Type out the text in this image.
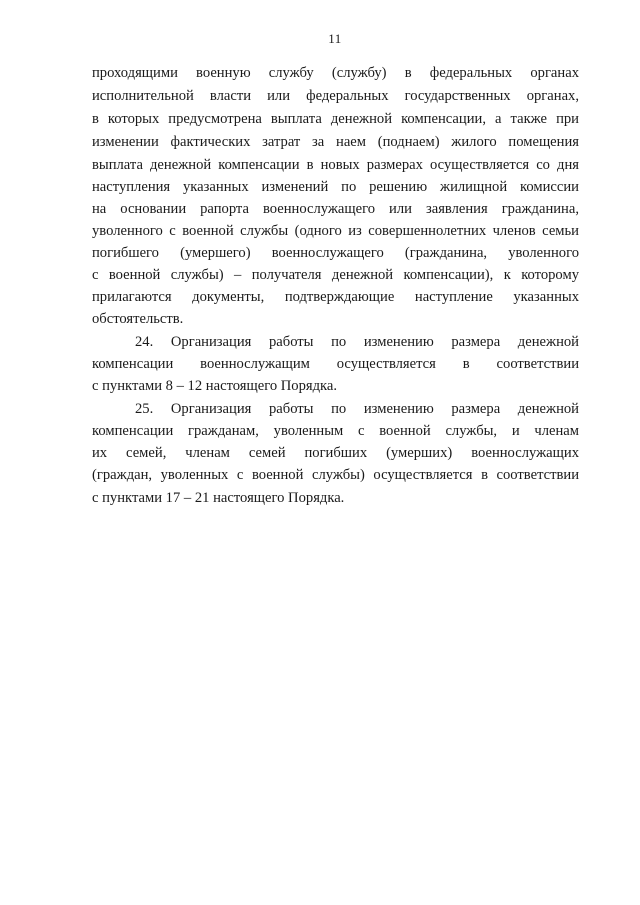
11
проходящими военную службу (службу) в федеральных органах
исполнительной власти или федеральных государственных органах,
в которых предусмотрена выплата денежной компенсации, а также при
изменении фактических затрат за наем (поднаем) жилого помещения
выплата денежной компенсации в новых размерах осуществляется со дня
наступления указанных изменений по решению жилищной комиссии
на основании рапорта военнослужащего или заявления гражданина,
уволенного с военной службы (одного из совершеннолетних членов семьи
погибшего (умершего) военнослужащего (гражданина, уволенного
с военной службы) – получателя денежной компенсации), к которому
прилагаются документы, подтверждающие наступление указанных
обстоятельств.
24. Организация работы по изменению размера денежной
компенсации военнослужащим осуществляется в соответствии
с пунктами 8 – 12 настоящего Порядка.
25. Организация работы по изменению размера денежной
компенсации гражданам, уволенным с военной службы, и членам
их семей, членам семей погибших (умерших) военнослужащих
(граждан, уволенных с военной службы) осуществляется в соответствии
с пунктами 17 – 21 настоящего Порядка.
